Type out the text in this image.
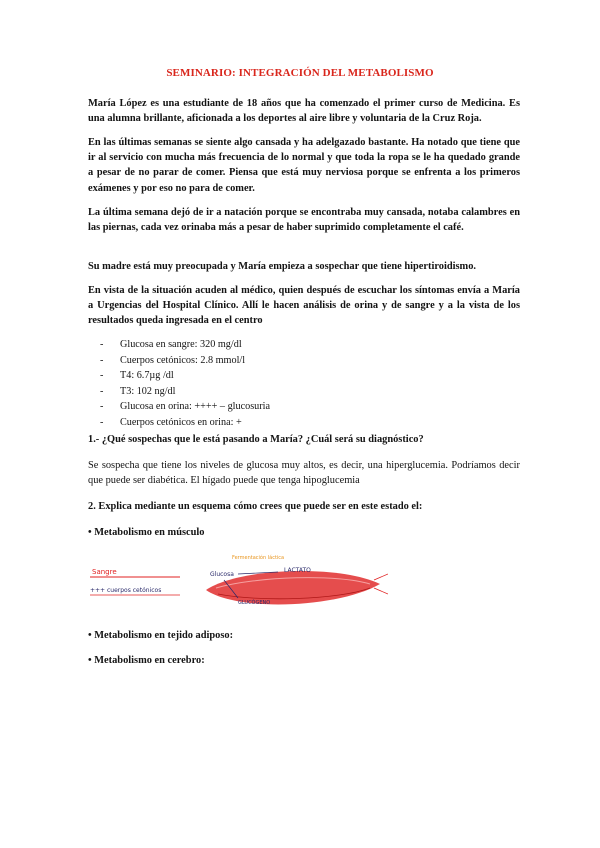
SEMINARIO: INTEGRACIÓN DEL METABOLISMO

María López es una estudiante de 18 años que ha comenzado el primer curso de Medicina. Es una alumna brillante, aficionada a los deportes al aire libre y voluntaria de la Cruz Roja.

En las últimas semanas se siente algo cansada y ha adelgazado bastante. Ha notado que tiene que ir al servicio con mucha más frecuencia de lo normal y que toda la ropa se le ha quedado grande a pesar de no parar de comer. Piensa que está muy nerviosa porque se enfrenta a los primeros exámenes y por eso no para de comer.

La última semana dejó de ir a natación porque se encontraba muy cansada, notaba calambres en las piernas, cada vez orinaba más a pesar de haber suprimido completamente el café.

Su madre está muy preocupada y María empieza a sospechar que tiene hipertiroidismo.

En vista de la situación acuden al médico, quien después de escuchar los síntomas envía a María a Urgencias del Hospital Clínico. Allí le hacen análisis de orina y de sangre y a la vista de los resultados queda ingresada en el centro

- Glucosa en sangre: 320 mg/dl
- Cuerpos cetónicos: 2.8 mmol/l
- T4: 6.7µg /dl
- T3: 102 ng/dl
- Glucosa en orina: ++++ – glucosuria
- Cuerpos cetónicos en orina: +

1.- ¿Qué sospechas que le está pasando a María? ¿Cuál será su diagnóstico?

Se sospecha que tiene los niveles de glucosa muy altos, es decir, una hiperglucemia. Podríamos decir que puede ser diabética. El hígado puede que tenga hipoglucemia

2. Explica mediante un esquema cómo crees que puede ser en este estado el:

• Metabolismo en músculo

Sangre
+++ cuerpos cetónicos
Glucosa
Fermentación láctica
LACTATO
GLUCÓGENO

• Metabolismo en tejido adiposo:

• Metabolismo en cerebro:
